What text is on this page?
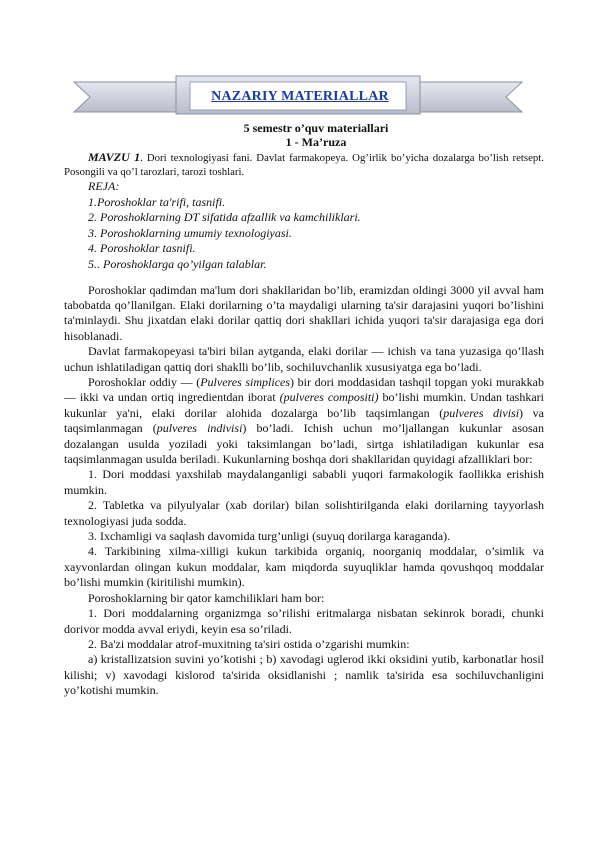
NAZARIY MATERIALLAR

5 semestr o’quv materiallari

1 - Ma’ruza

MAVZU 1. Dori texnologiyasi fani. Davlat farmakopeya. Og’irlik bo’yicha dozalarga bo’lish retsept. Posongili va qo’l tarozlari, tarozi toshlari.

REJA:
1.Poroshoklar ta'rifi, tasnifi.
2. Poroshoklarning DT sifatida afzallik va kamchiliklari.
3. Poroshoklarning umumiy texnologiyasi.
4. Poroshoklar tasnifi.
5.. Poroshoklarga qo’yilgan talablar.

Poroshoklar qadimdan ma'lum dori shakllaridan bo’lib, eramizdan oldingi 3000 yil avval ham tabobatda qo’llanilgan. Elaki dorilarning o’ta maydaligi ularning ta'sir darajasini yuqori bo’lishini ta'minlaydi. Shu jixatdan elaki dorilar qattiq dori shakllari ichida yuqori ta'sir darajasiga ega dori hisoblanadi.

Davlat farmakopeyasi ta'biri bilan aytganda, elaki dorilar — ichish va tana yuzasiga qo’llash uchun ishlatiladigan qattiq dori shaklli bo’lib, sochiluvchanlik xususiyatga ega bo’ladi.

Poroshoklar oddiy — (Pulveres simplices) bir dori moddasidan tashqil topgan yoki murakkab — ikki va undan ortiq ingredientdan iborat (pulveres compositi) bo’lishi mumkin. Undan tashkari kukunlar ya'ni, elaki dorilar alohida dozalarga bo’lib taqsimlangan (pulveres divisi) va taqsimlanmagan (pulveres indivisi) bo’ladi. Ichish uchun mo’ljallangan kukunlar asosan dozalangan usulda yoziladi yoki taksimlangan bo’ladi, sirtga ishlatiladigan kukunlar esa taqsimlanmagan usulda beriladi. Kukunlarning boshqa dori shakllaridan quyidagi afzalliklari bor:

1. Dori moddasi yaxshilab maydalanganligi sababli yuqori farmakologik faollikka erishish mumkin.

2. Tabletka va pilyulyalar (xab dorilar) bilan solishtirilganda elaki dorilarning tayyorlash texnologiyasi juda sodda.

3. Ixchamligi va saqlash davomida turg’unligi (suyuq dorilarga karaganda).

4. Tarkibining xilma-xilligi kukun tarkibida organiq, noorganiq moddalar, o’simlik va xayvonlardan olingan kukun moddalar, kam miqdorda suyuqliklar hamda qovushqoq moddalar bo’lishi mumkin (kiritilishi mumkin).

Poroshoklarning bir qator kamchiliklari ham bor:

1. Dori moddalarning organizmga so’rilishi eritmalarga nisbatan sekinrok boradi, chunki dorivor modda avval eriydi, keyin esa so’riladi.

2. Ba'zi moddalar atrof-muxitning ta'siri ostida o’zgarishi mumkin:

a) kristallizatsion suvini yo’kotishi ; b) xavodagi uglerod ikki oksidini yutib, karbonatlar hosil kilishi; v) xavodagi kislorod ta'sirida oksidlanishi ; namlik ta'sirida esa sochiluvchanligini yo’kotishi mumkin.
